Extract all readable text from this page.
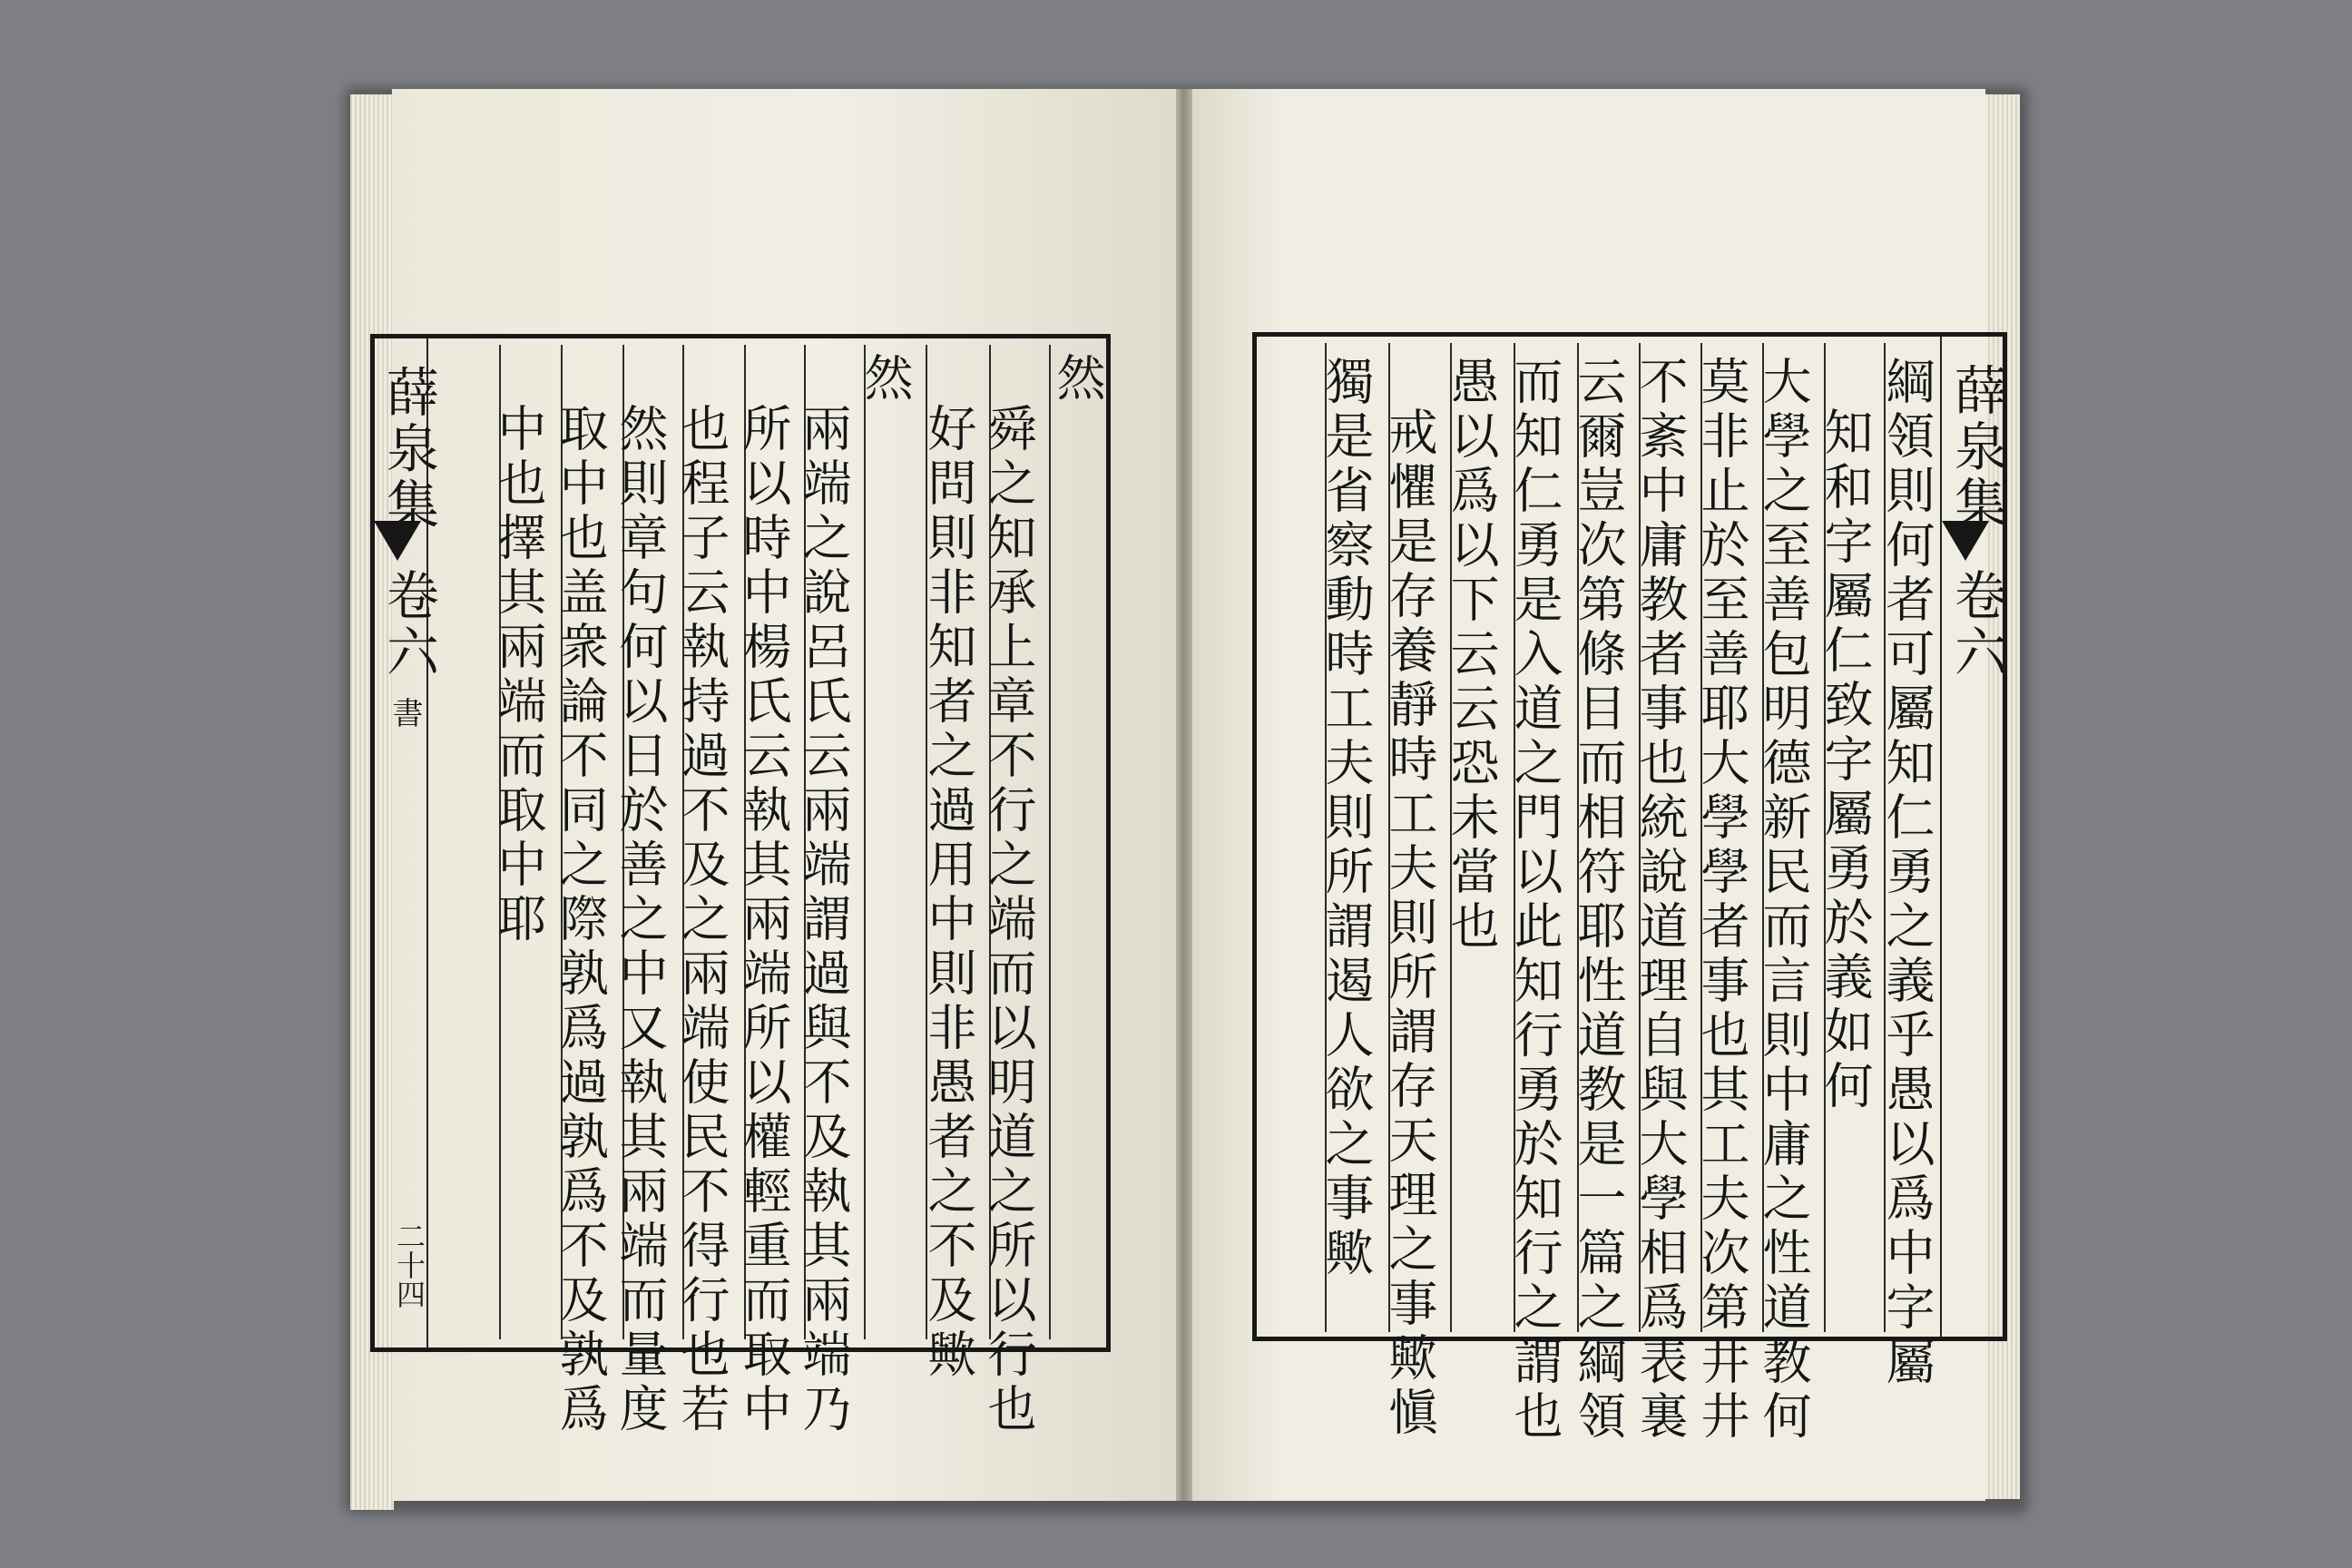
薛泉集
卷六
書
二十四
然
舜之知承上章不行之端而以明道之所以行也
好問則非知者之過用中則非愚者之不及歟
然
兩端之說呂氏云兩端謂過與不及執其兩端乃
所以時中楊氏云執其兩端所以權輕重而取中
也程子云執持過不及之兩端使民不得行也若
然則章句何以日於善之中又執其兩端而量度
取中也盖衆論不同之際孰爲過孰爲不及孰爲
中也擇其兩端而取中耶	薛泉集
卷六
綱領則何者可屬知仁勇之義乎愚以爲中字屬
知和字屬仁致字屬勇於義如何
大學之至善包明德新民而言則中庸之性道教何
莫非止於至善耶大學學者事也其工夫次第井井
不紊中庸教者事也統說道理自與大學相爲表裏
云爾豈次第條目而相符耶性道教是一篇之綱領
而知仁勇是入道之門以此知行勇於知行之謂也
愚以爲以下云云恐未當也
戒懼是存養靜時工夫則所謂存天理之事歟愼
獨是省察動時工夫則所謂遏人欲之事歟
